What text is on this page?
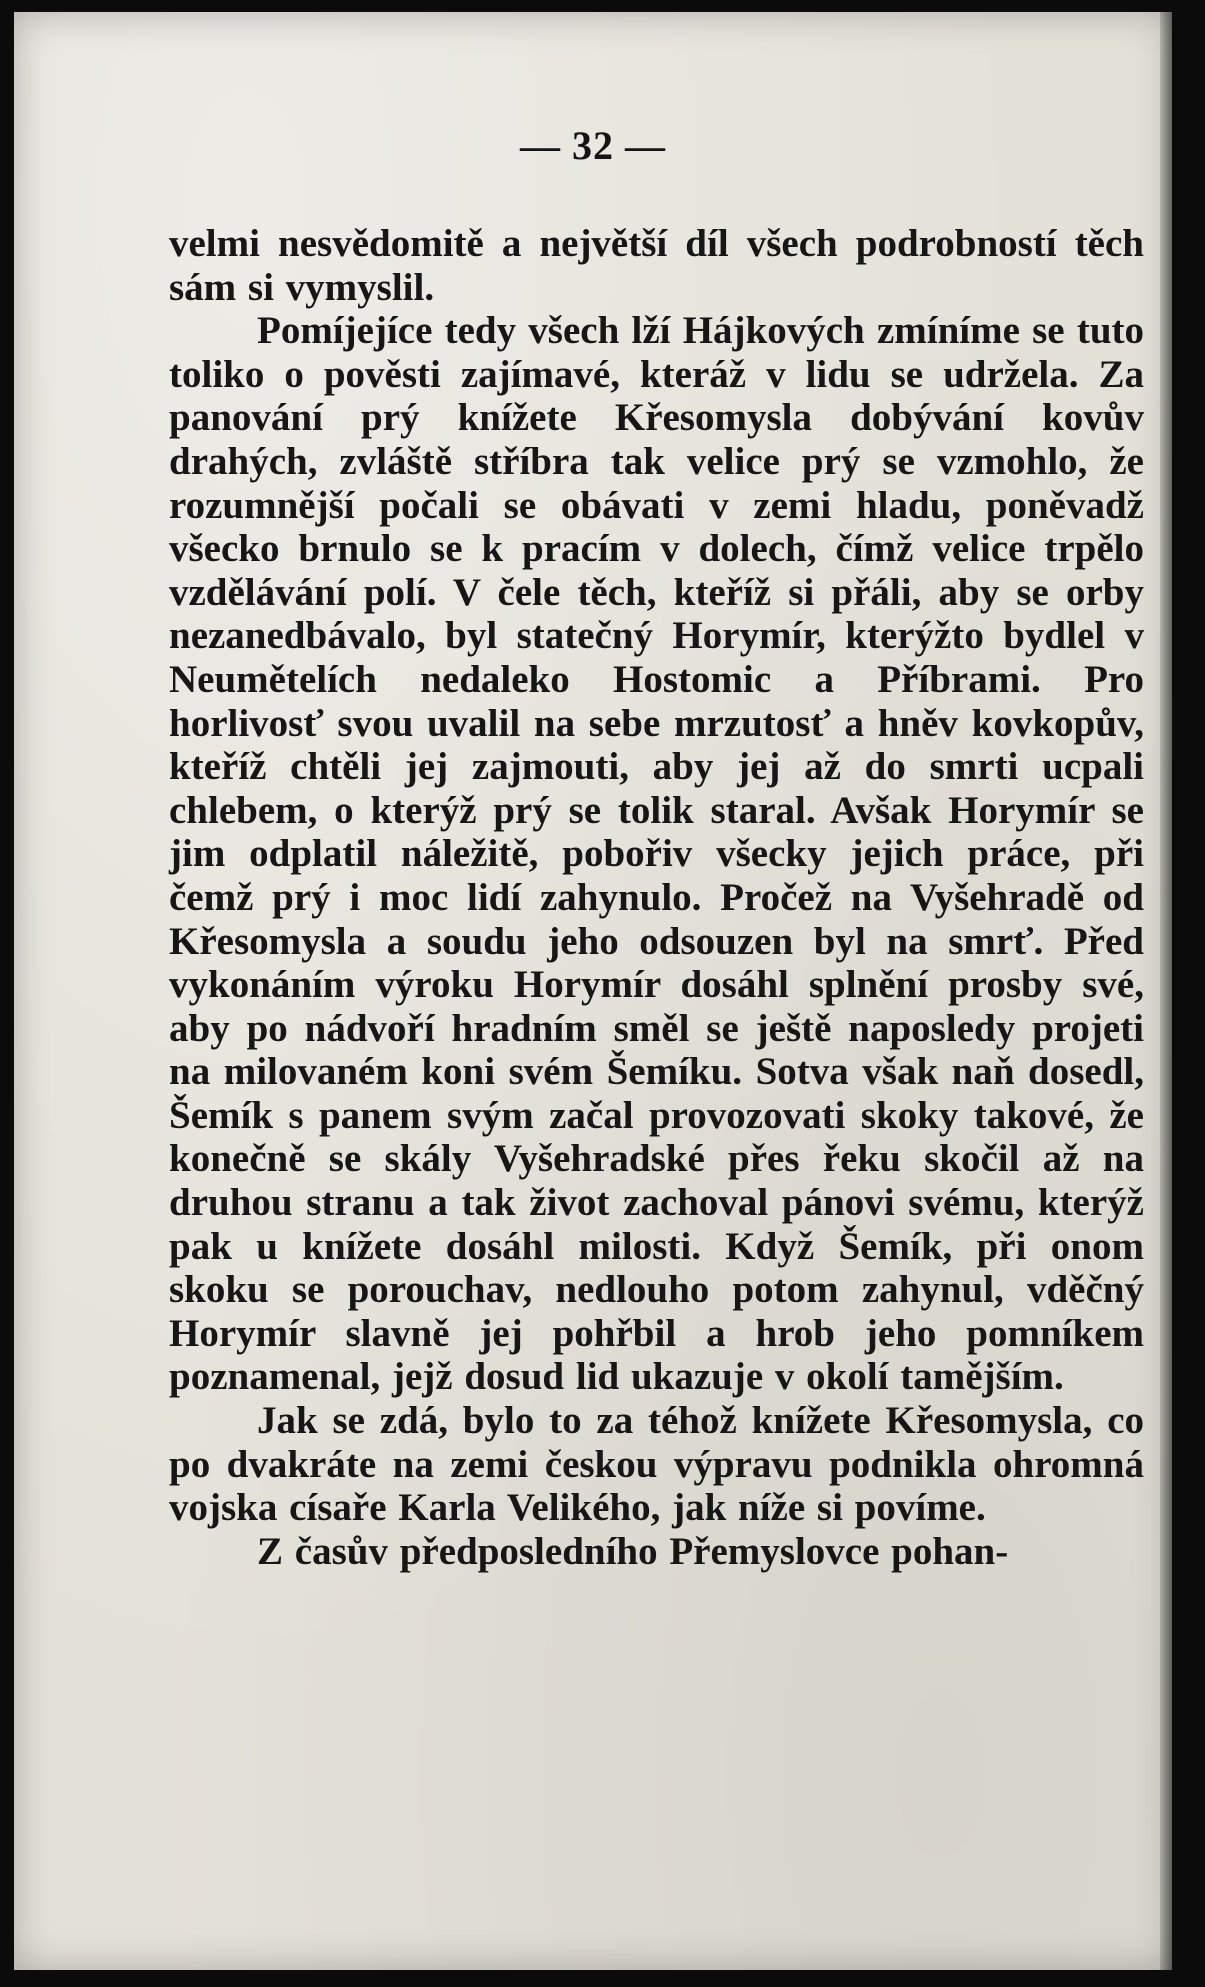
— 32 —

velmi nesvědomitě a největší díl všech podrobností těch sám si vymyslil.

Pomíjejíce tedy všech lží Hájkových zmíníme se tuto toliko o pověsti zajímavé, kteráž v lidu se udržela. Za panování prý knížete Křesomysla dobývání kovův drahých, zvláště stříbra tak velice prý se vzmohlo, že rozumnější počali se obávati v zemi hladu, poněvadž všecko brnulo se k pracím v dolech, čímž velice trpělo vzdělávání polí. V čele těch, kteříž si přáli, aby se orby nezanedbávalo, byl statečný Horymír, kterýžto bydlel v Neumětelích nedaleko Hostomic a Příbrami. Pro horlivosť svou uvalil na sebe mrzutosť a hněv kovkopův, kteříž chtěli jej zajmouti, aby jej až do smrti ucpali chlebem, o kterýž prý se tolik staral. Avšak Horymír se jim odplatil náležitě, pobořiv všecky jejich práce, při čemž prý i moc lidí zahynulo. Pročež na Vyšehradě od Křesomysla a soudu jeho odsouzen byl na smrť. Před vykonáním výroku Horymír dosáhl splnění prosby své, aby po nádvoří hradním směl se ještě naposledy projeti na milovaném koni svém Šemíku. Sotva však naň dosedl, Šemík s panem svým začal provozovati skoky takové, že konečně se skály Vyšehradské přes řeku skočil až na druhou stranu a tak život zachoval pánovi svému, kterýž pak u knížete dosáhl milosti. Když Šemík, při onom skoku se porouchav, nedlouho potom zahynul, vděčný Horymír slavně jej pohřbil a hrob jeho pomníkem poznamenal, jejž dosud lid ukazuje v okolí tamějším.

Jak se zdá, bylo to za téhož knížete Křesomysla, co po dvakráte na zemi českou výpravu podnikla ohromná vojska císaře Karla Velikého, jak níže si povíme.

Z časův předposledního Přemyslovce pohan-
